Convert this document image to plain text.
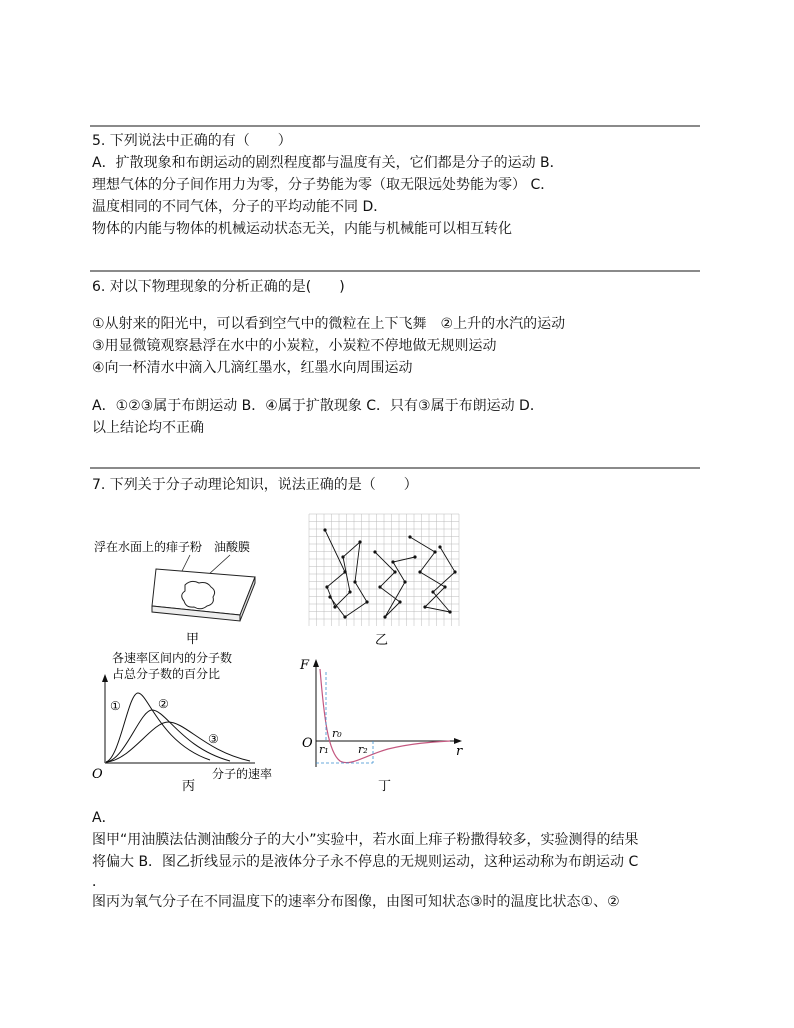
5. 下列说法中正确的有（　　）
A．扩散现象和布朗运动的剧烈程度都与温度有关，它们都是分子的运动 B．
理想气体的分子间作用力为零，分子势能为零（取无限远处势能为零） C．
温度相同的不同气体，分子的平均动能不同 D．
物体的内能与物体的机械运动状态无关，内能与机械能可以相互转化
6. 对以下物理现象的分析正确的是(　　)
①从射来的阳光中，可以看到空气中的微粒在上下飞舞　②上升的水汽的运动
③用显微镜观察悬浮在水中的小炭粒，小炭粒不停地做无规则运动
④向一杯清水中滴入几滴红墨水，红墨水向周围运动
A．①②③属于布朗运动 B．④属于扩散现象 C．只有③属于布朗运动 D．
以上结论均不正确
7. 下列关于分子动理论知识，说法正确的是（　　）
浮在水面上的痱子粉 油酸膜
甲	乙
各速率区间内的分子数
占总分子数的百分比
①	②
③
O	分子的速率
丙
F
O
r₀
r₁	r₂	r
丁
A．
图甲“用油膜法估测油酸分子的大小”实验中，若水面上痱子粉撒得较多，实验测得的结果
将偏大 B．图乙折线显示的是液体分子永不停息的无规则运动，这种运动称为布朗运动 C
．
图丙为氧气分子在不同温度下的速率分布图像，由图可知状态③时的温度比状态①、②
